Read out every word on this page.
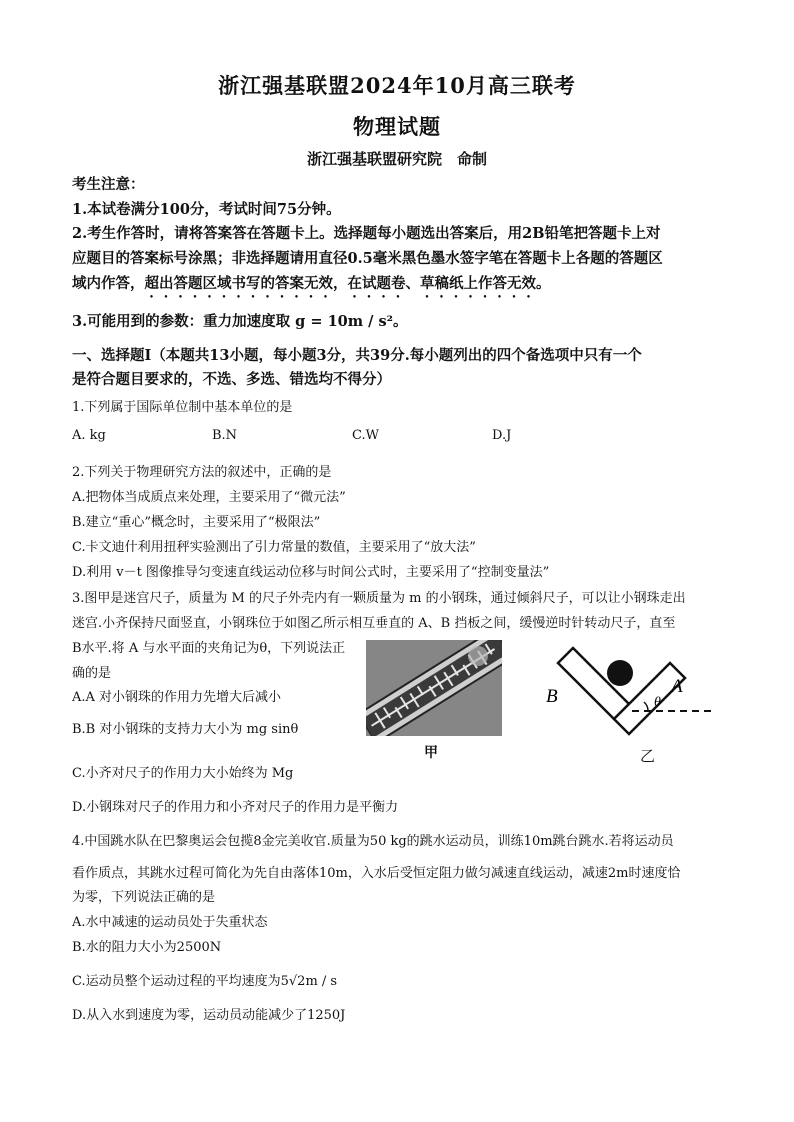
浙江强基联盟2024年10月高三联考
物理试题
浙江强基联盟研究院　命制
考生注意：
1.本试卷满分100分，考试时间75分钟。
2.考生作答时，请将答案答在答题卡上。选择题每小题选出答案后，用2B铅笔把答题卡上对
应题目的答案标号涂黑；非选择题请用直径0.5毫米黑色墨水签字笔在答题卡上各题的答题区
域内作答，超出答题区域书写的答案无效，在试题卷、草稿纸上作答无效。
3.可能用到的参数：重力加速度取 g = 10m / s²。
一、选择题Ⅰ（本题共13小题，每小题3分，共39分.每小题列出的四个备选项中只有一个
是符合题目要求的，不选、多选、错选均不得分）
1.下列属于国际单位制中基本单位的是
A. kg	B.N	C.W	D.J
2.下列关于物理研究方法的叙述中，正确的是
A.把物体当成质点来处理，主要采用了“微元法”
B.建立“重心”概念时，主要采用了“极限法”
C.卡文迪什利用扭秤实验测出了引力常量的数值，主要采用了“放大法”
D.利用 v－t 图像推导匀变速直线运动位移与时间公式时，主要采用了“控制变量法”
3.图甲是迷宫尺子，质量为 M 的尺子外壳内有一颗质量为 m 的小钢珠，通过倾斜尺子，可以让小钢珠走出
迷宫.小齐保持尺面竖直，小钢珠位于如图乙所示相互垂直的 A、B 挡板之间，缓慢逆时针转动尺子，直至
B水平.将 A 与水平面的夹角记为θ，下列说法正
确的是
A.A 对小钢珠的作用力先增大后减小
B.B 对小钢珠的支持力大小为 mg sinθ
C.小齐对尺子的作用力大小始终为 Mg
D.小钢珠对尺子的作用力和小齐对尺子的作用力是平衡力
甲
B	A
θ
乙
4.中国跳水队在巴黎奥运会包揽8金完美收官.质量为50 kg的跳水运动员，训练10m跳台跳水.若将运动员
看作质点，其跳水过程可简化为先自由落体10m，入水后受恒定阻力做匀减速直线运动，减速2m时速度恰
为零，下列说法正确的是
A.水中减速的运动员处于失重状态
B.水的阻力大小为2500N
C.运动员整个运动过程的平均速度为5√2m / s
D.从入水到速度为零，运动员动能减少了1250J
